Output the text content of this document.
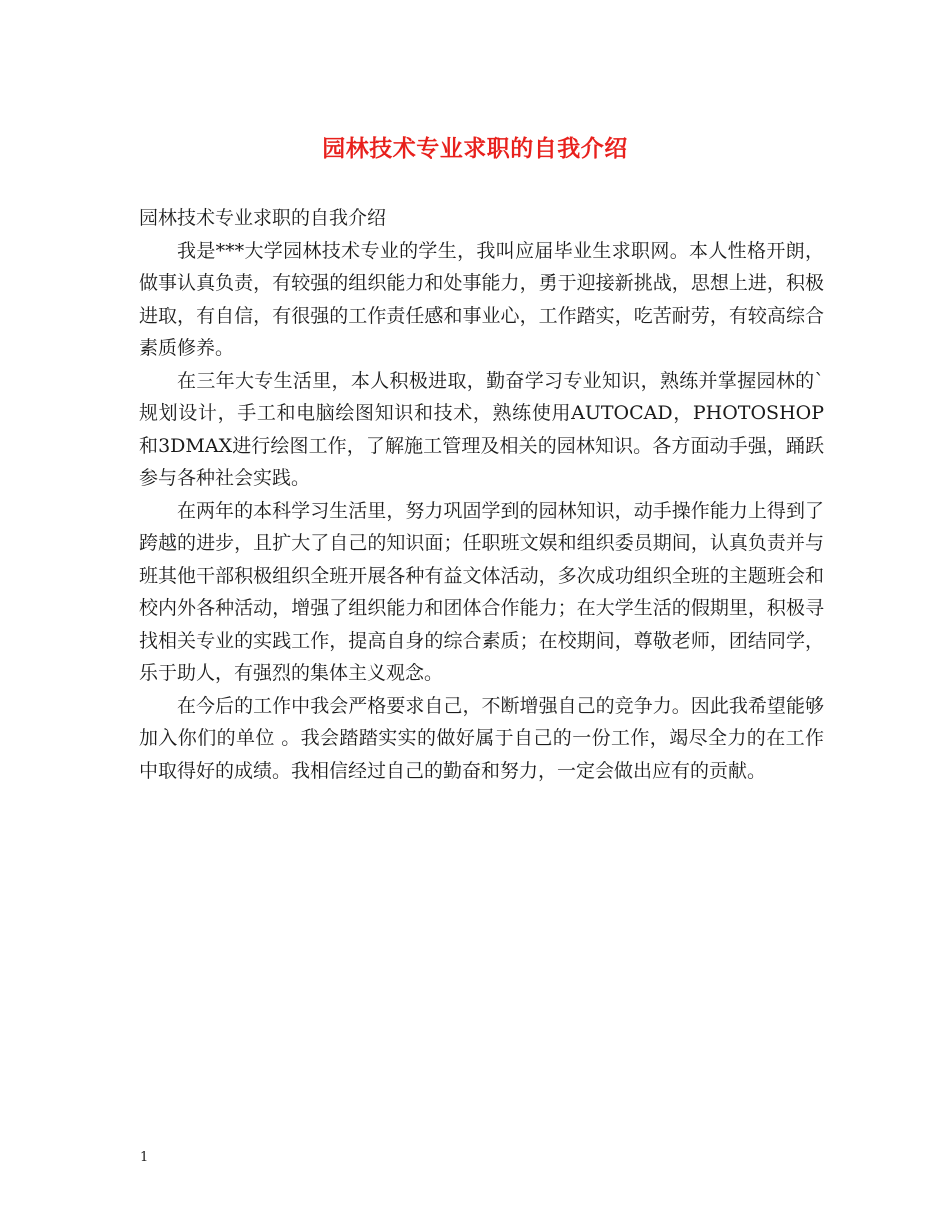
园林技术专业求职的自我介绍

园林技术专业求职的自我介绍

我是***大学园林技术专业的学生，我叫应届毕业生求职网。本人性格开朗，做事认真负责，有较强的组织能力和处事能力，勇于迎接新挑战，思想上进，积极进取，有自信，有很强的工作责任感和事业心，工作踏实，吃苦耐劳，有较高综合素质修养。

在三年大专生活里，本人积极进取，勤奋学习专业知识，熟练并掌握园林的`规划设计，手工和电脑绘图知识和技术，熟练使用AUTOCAD，PHOTOSHOP和3DMAX进行绘图工作，了解施工管理及相关的园林知识。各方面动手强，踊跃参与各种社会实践。

在两年的本科学习生活里，努力巩固学到的园林知识，动手操作能力上得到了跨越的进步，且扩大了自己的知识面；任职班文娱和组织委员期间，认真负责并与班其他干部积极组织全班开展各种有益文体活动，多次成功组织全班的主题班会和校内外各种活动，增强了组织能力和团体合作能力；在大学生活的假期里，积极寻找相关专业的实践工作，提高自身的综合素质；在校期间，尊敬老师，团结同学，乐于助人，有强烈的集体主义观念。

在今后的工作中我会严格要求自己，不断增强自己的竞争力。因此我希望能够加入你们的单位 。我会踏踏实实的做好属于自己的一份工作，竭尽全力的在工作中取得好的成绩。我相信经过自己的勤奋和努力，一定会做出应有的贡献。

1
